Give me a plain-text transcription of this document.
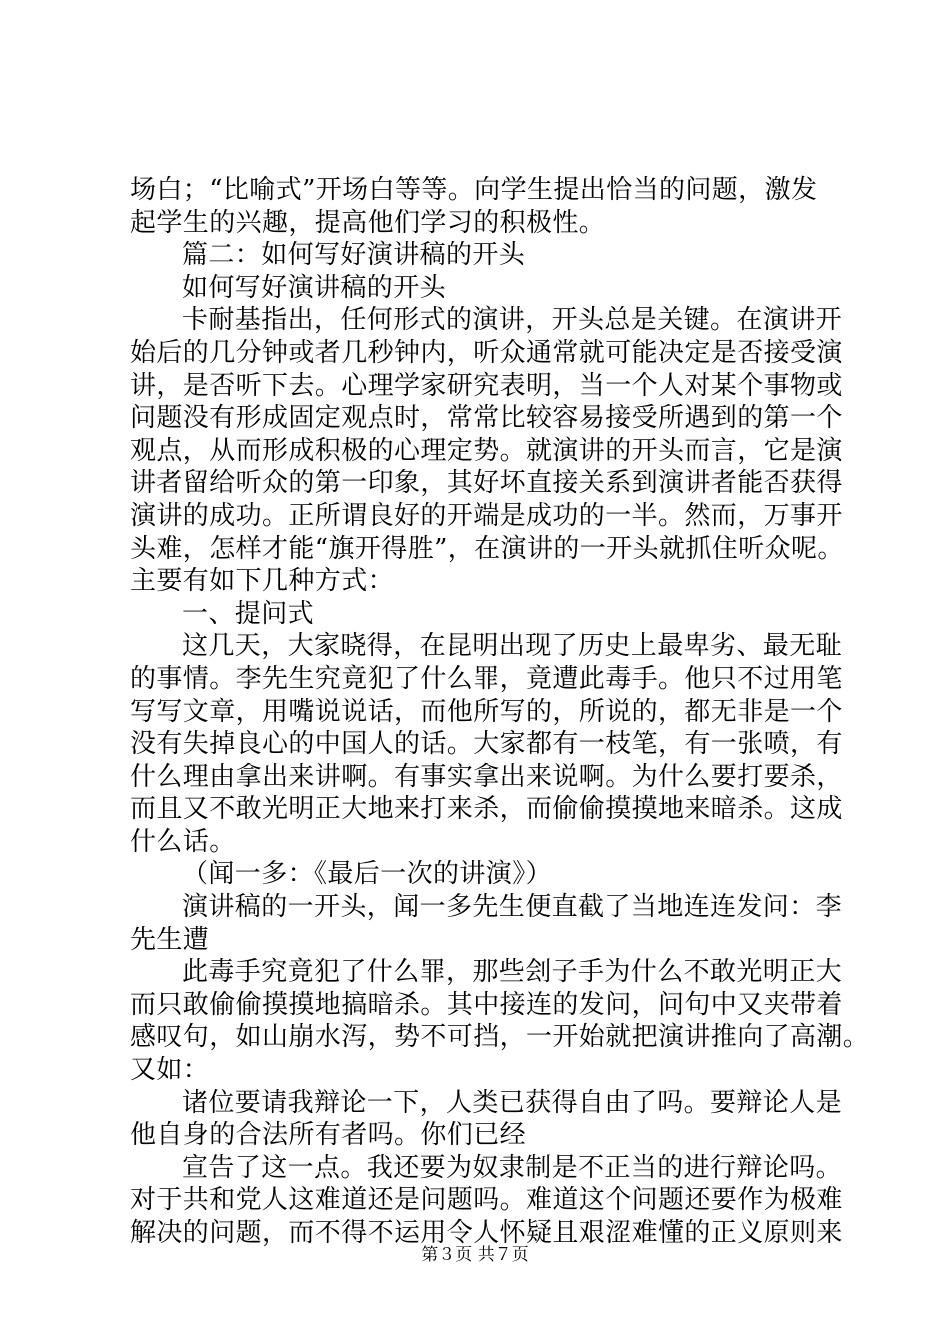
场白；“比喻式”开场白等等。向学生提出恰当的问题，激发
起学生的兴趣，提高他们学习的积极性。
篇二：如何写好演讲稿的开头
如何写好演讲稿的开头
卡耐基指出，任何形式的演讲，开头总是关键。在演讲开
始后的几分钟或者几秒钟内，听众通常就可能决定是否接受演
讲，是否听下去。心理学家研究表明，当一个人对某个事物或
问题没有形成固定观点时，常常比较容易接受所遇到的第一个
观点，从而形成积极的心理定势。就演讲的开头而言，它是演
讲者留给听众的第一印象，其好坏直接关系到演讲者能否获得
演讲的成功。正所谓良好的开端是成功的一半。然而，万事开
头难，怎样才能“旗开得胜”，在演讲的一开头就抓住听众呢。
主要有如下几种方式：
一、提问式
这几天，大家晓得，在昆明出现了历史上最卑劣、最无耻
的事情。李先生究竟犯了什么罪，竟遭此毒手。他只不过用笔
写写文章，用嘴说说话，而他所写的，所说的，都无非是一个
没有失掉良心的中国人的话。大家都有一枝笔，有一张喷，有
什么理由拿出来讲啊。有事实拿出来说啊。为什么要打要杀，
而且又不敢光明正大地来打来杀，而偷偷摸摸地来暗杀。这成
什么话。
（闻一多：《最后一次的讲演》）
演讲稿的一开头，闻一多先生便直截了当地连连发问：李
先生遭
此毒手究竟犯了什么罪，那些刽子手为什么不敢光明正大
而只敢偷偷摸摸地搞暗杀。其中接连的发问，问句中又夹带着
感叹句，如山崩水泻，势不可挡，一开始就把演讲推向了高潮。
又如：
诸位要请我辩论一下，人类已获得自由了吗。要辩论人是
他自身的合法所有者吗。你们已经
宣告了这一点。我还要为奴隶制是不正当的进行辩论吗。
对于共和党人这难道还是问题吗。难道这个问题还要作为极难
解决的问题，而不得不运用令人怀疑且艰涩难懂的正义原则来
第３页 共７页
